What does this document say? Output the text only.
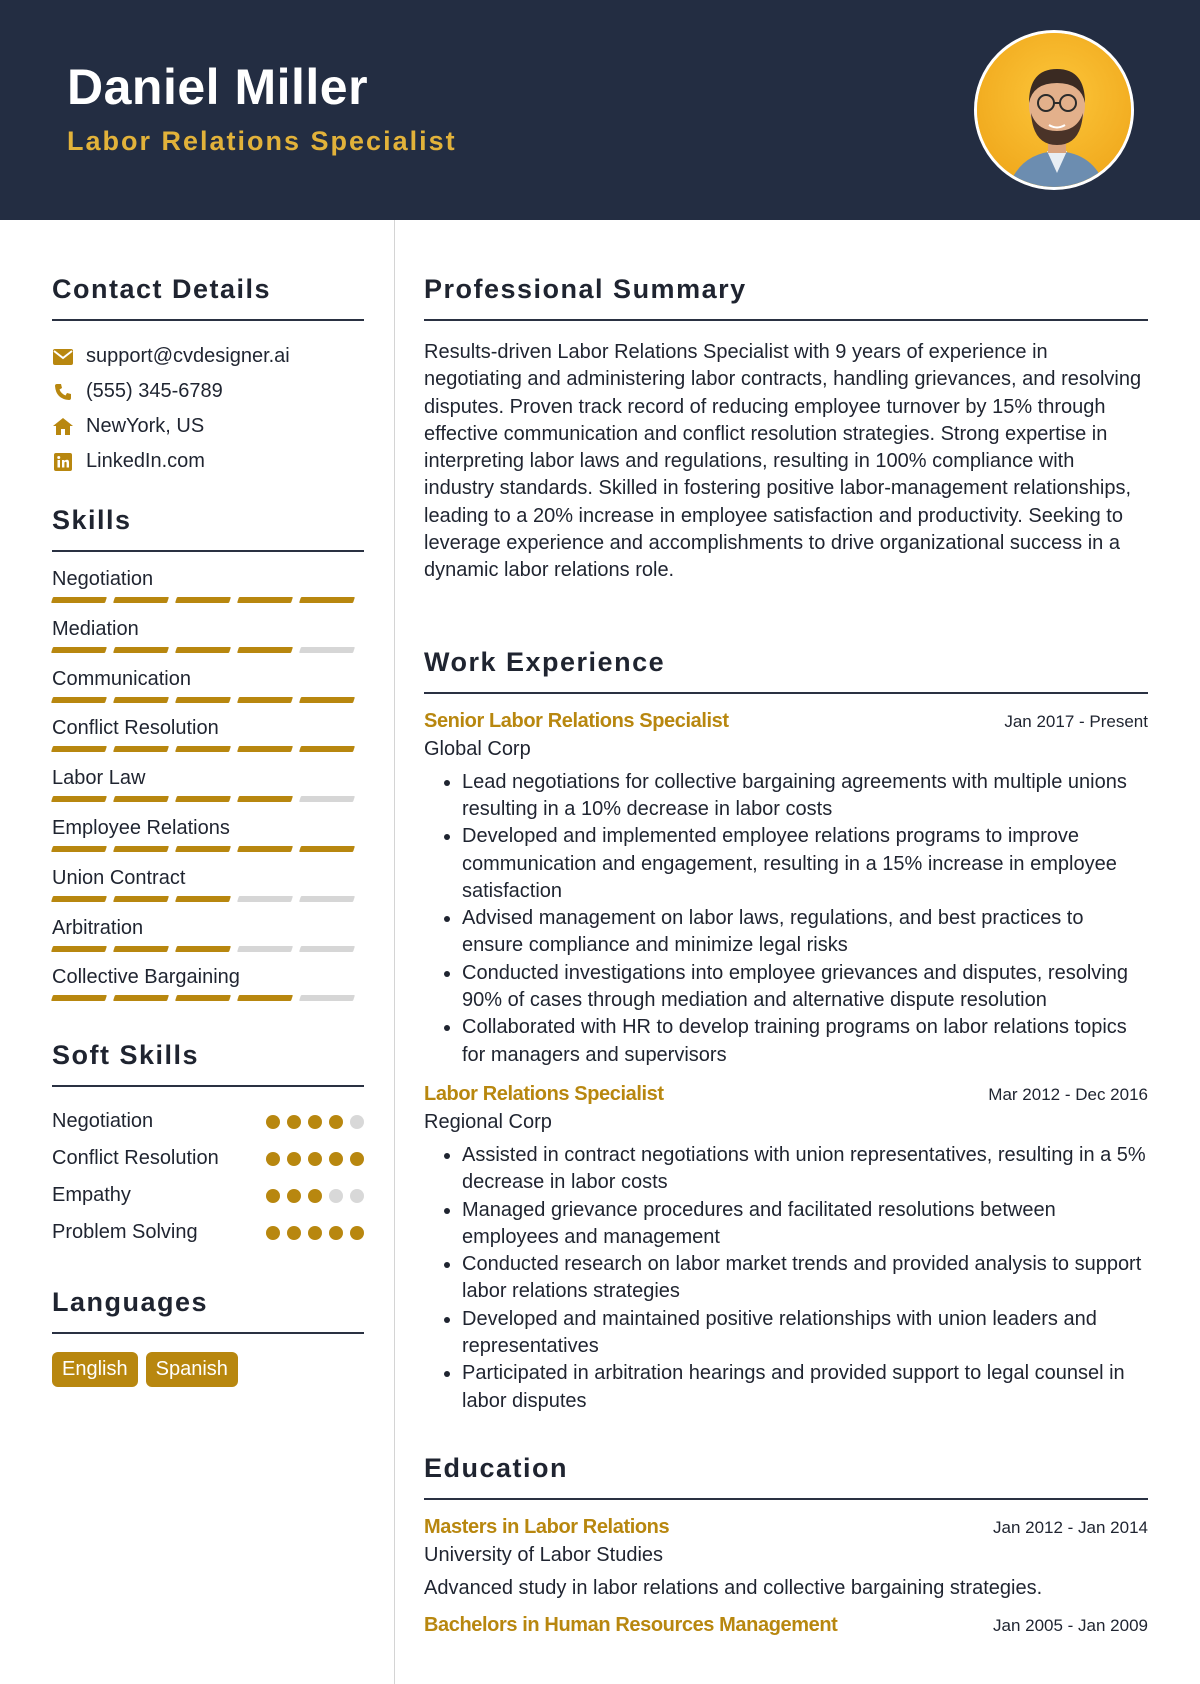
Daniel Miller
Labor Relations Specialist
Contact Details
support@cvdesigner.ai
(555) 345-6789
NewYork, US
LinkedIn.com
Skills
Negotiation
Mediation
Communication
Conflict Resolution
Labor Law
Employee Relations
Union Contract
Arbitration
Collective Bargaining
Soft Skills
Negotiation
Conflict Resolution
Empathy
Problem Solving
Languages
English	Spanish
Professional Summary

Results-driven Labor Relations Specialist with 9 years of experience in negotiating and administering labor contracts, handling grievances, and resolving disputes. Proven track record of reducing employee turnover by 15% through effective communication and conflict resolution strategies. Strong expertise in interpreting labor laws and regulations, resulting in 100% compliance with industry standards. Skilled in fostering positive labor-management relationships, leading to a 20% increase in employee satisfaction and productivity. Seeking to leverage experience and accomplishments to drive organizational success in a dynamic labor relations role.

Work Experience
Senior Labor Relations Specialist	Jan 2017 - Present
Global Corp
• Lead negotiations for collective bargaining agreements with multiple unions resulting in a 10% decrease in labor costs
• Developed and implemented employee relations programs to improve communication and engagement, resulting in a 15% increase in employee satisfaction
• Advised management on labor laws, regulations, and best practices to ensure compliance and minimize legal risks
• Conducted investigations into employee grievances and disputes, resolving 90% of cases through mediation and alternative dispute resolution
• Collaborated with HR to develop training programs on labor relations topics for managers and supervisors
Labor Relations Specialist	Mar 2012 - Dec 2016
Regional Corp
• Assisted in contract negotiations with union representatives, resulting in a 5% decrease in labor costs
• Managed grievance procedures and facilitated resolutions between employees and management
• Conducted research on labor market trends and provided analysis to support labor relations strategies
• Developed and maintained positive relationships with union leaders and representatives
• Participated in arbitration hearings and provided support to legal counsel in labor disputes
Education
Masters in Labor Relations	Jan 2012 - Jan 2014
University of Labor Studies
Advanced study in labor relations and collective bargaining strategies.
Bachelors in Human Resources Management	Jan 2005 - Jan 2009
